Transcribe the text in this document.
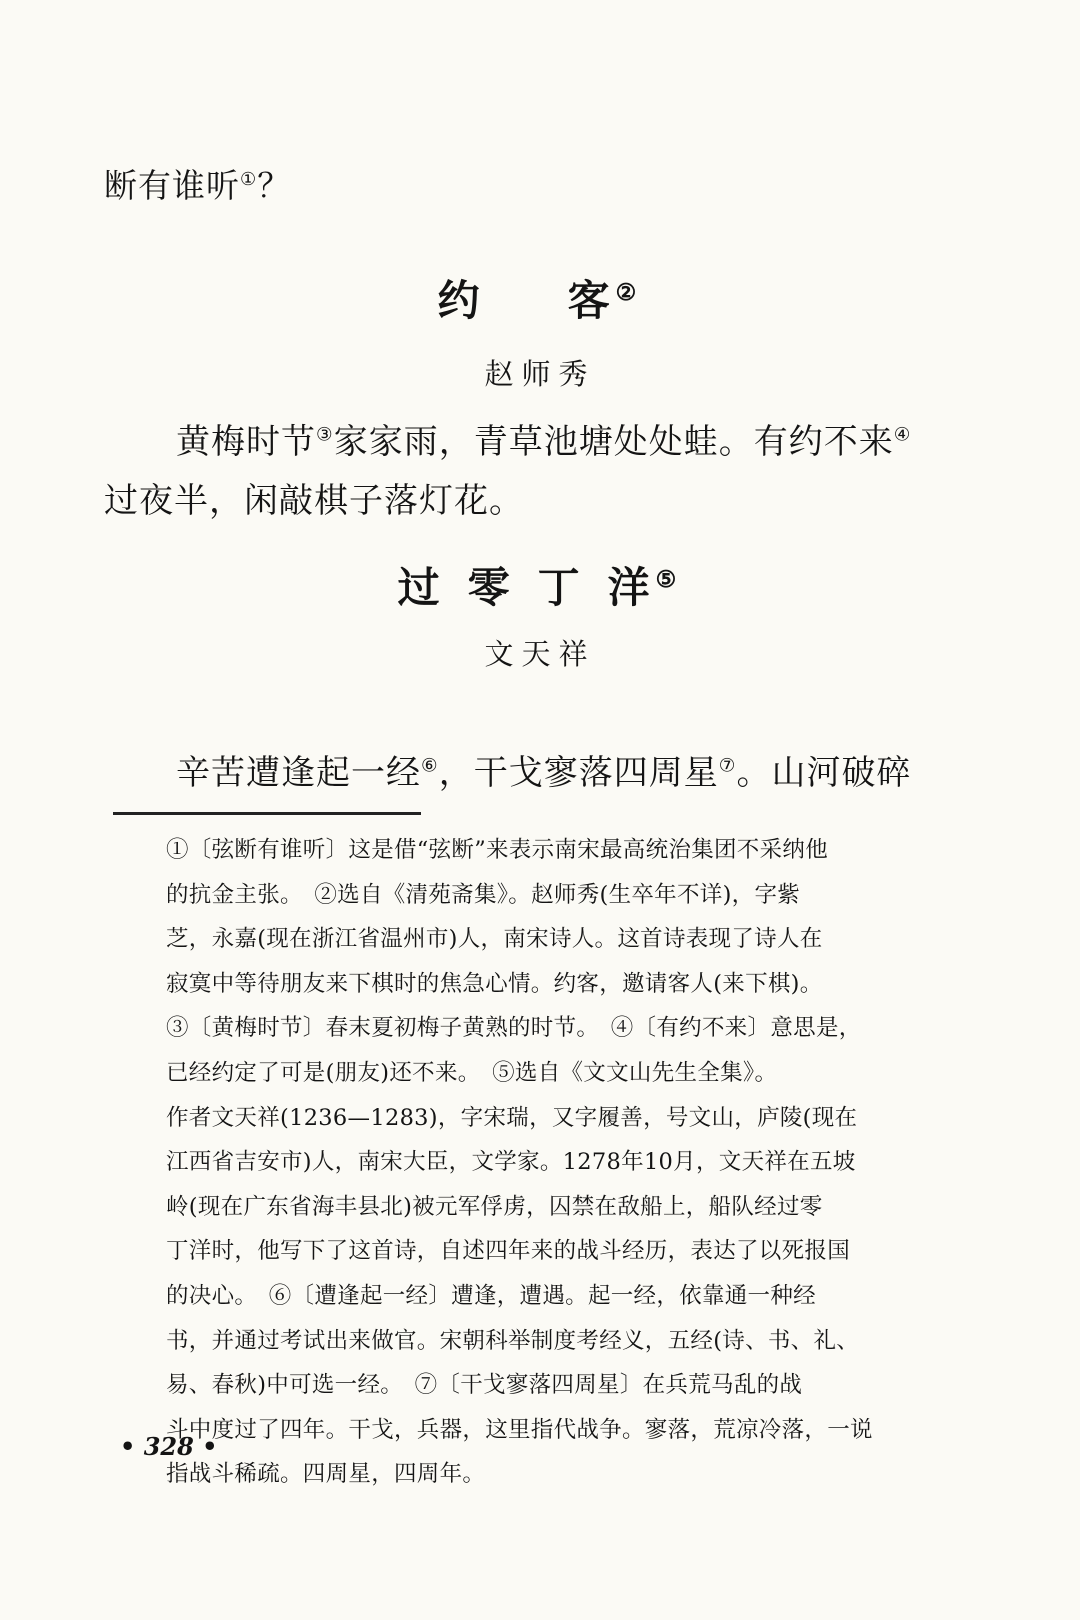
断有谁听①？
约 客②
赵师秀
黄梅时节③家家雨，青草池塘处处蛙。有约不来④
过夜半，闲敲棋子落灯花。
过 零 丁 洋⑤
文天祥
辛苦遭逢起一经⑥，干戈寥落四周星⑦。山河破碎
①〔弦断有谁听〕这是借“弦断”来表示南宋最高统治集团不采纳他
的抗金主张。　②选自《清苑斋集》。赵师秀(生卒年不详)，字紫
芝，永嘉(现在浙江省温州市)人，南宋诗人。这首诗表现了诗人在
寂寞中等待朋友来下棋时的焦急心情。约客，邀请客人(来下棋)。
③〔黄梅时节〕春末夏初梅子黄熟的时节。　④〔有约不来〕意思是，
已经约定了可是(朋友)还不来。　⑤选自《文文山先生全集》。
作者文天祥(1236—1283)，字宋瑞，又字履善，号文山，庐陵(现在
江西省吉安市)人，南宋大臣，文学家。1278年10月，文天祥在五坡
岭(现在广东省海丰县北)被元军俘虏，囚禁在敌船上，船队经过零
丁洋时，他写下了这首诗，自述四年来的战斗经历，表达了以死报国
的决心。　⑥〔遭逢起一经〕遭逢，遭遇。起一经，依靠通一种经
书，并通过考试出来做官。宋朝科举制度考经义，五经(诗、书、礼、
易、春秋)中可选一经。　⑦〔干戈寥落四周星〕在兵荒马乱的战
斗中度过了四年。干戈，兵器，这里指代战争。寥落，荒凉冷落，一说
指战斗稀疏。四周星，四周年。
• 328 •
